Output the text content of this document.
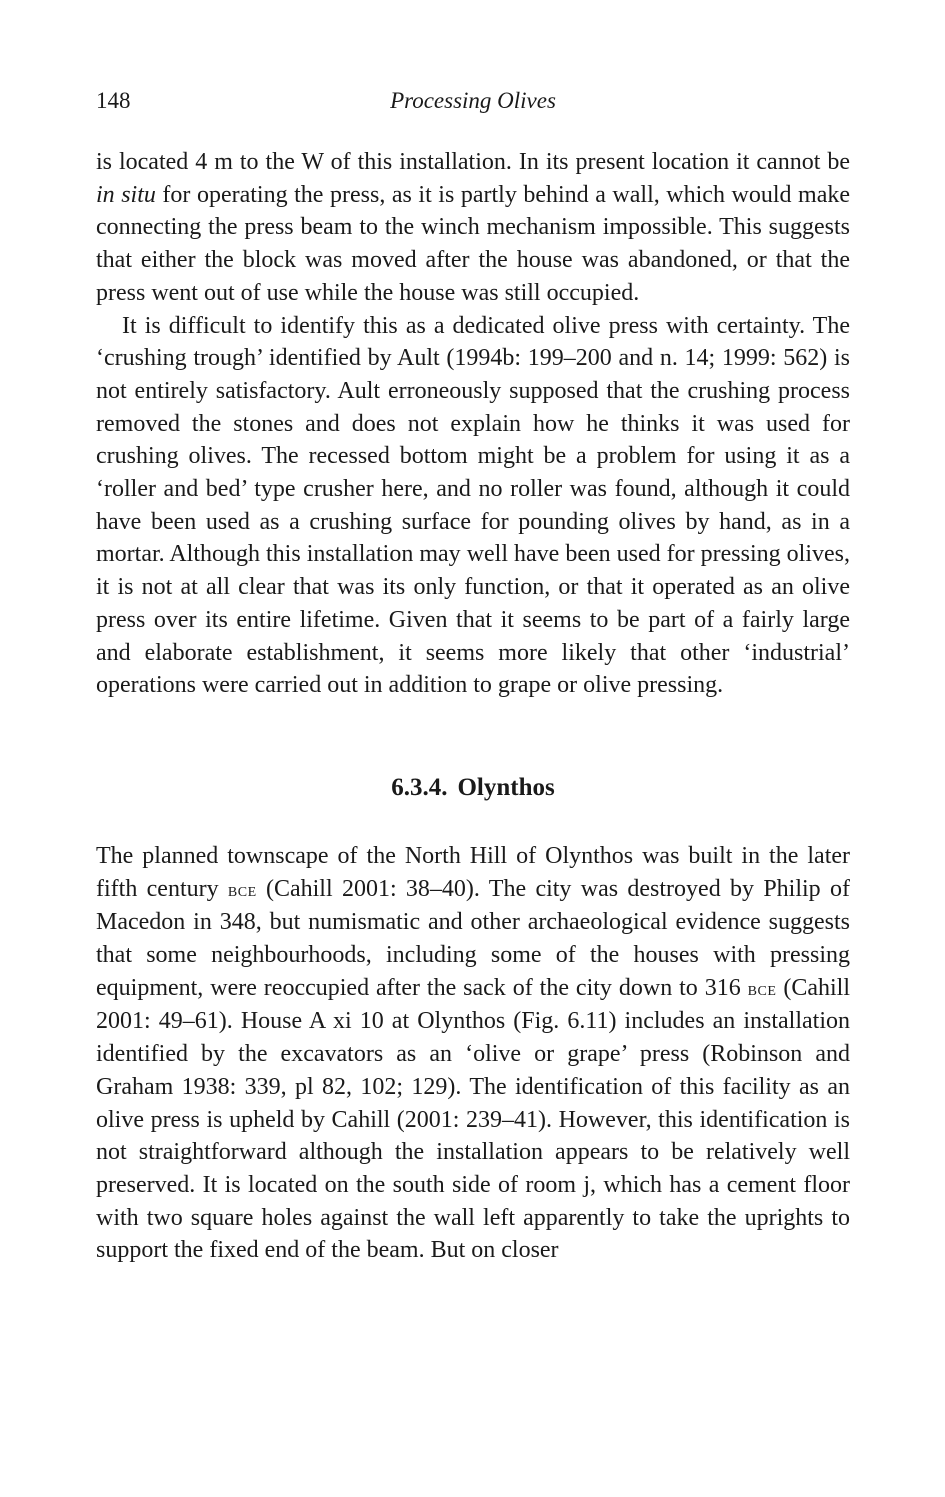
148	Processing Olives

is located 4 m to the W of this installation. In its present location it cannot be in situ for operating the press, as it is partly behind a wall, which would make connecting the press beam to the winch mechanism impossible. This suggests that either the block was moved after the house was abandoned, or that the press went out of use while the house was still occupied.

It is difficult to identify this as a dedicated olive press with certainty. The ‘crushing trough’ identified by Ault (1994b: 199–200 and n. 14; 1999: 562) is not entirely satisfactory. Ault erroneously supposed that the crushing process removed the stones and does not explain how he thinks it was used for crushing olives. The recessed bottom might be a problem for using it as a ‘roller and bed’ type crusher here, and no roller was found, although it could have been used as a crushing surface for pounding olives by hand, as in a mortar. Although this installation may well have been used for pressing olives, it is not at all clear that was its only function, or that it operated as an olive press over its entire lifetime. Given that it seems to be part of a fairly large and elaborate establishment, it seems more likely that other ‘industrial’ operations were carried out in addition to grape or olive pressing.

6.3.4. Olynthos

The planned townscape of the North Hill of Olynthos was built in the later fifth century bce (Cahill 2001: 38–40). The city was destroyed by Philip of Macedon in 348, but numismatic and other archaeological evidence suggests that some neighbourhoods, including some of the houses with pressing equipment, were reoccupied after the sack of the city down to 316 bce (Cahill 2001: 49–61). House A xi 10 at Olynthos (Fig. 6.11) includes an installation identified by the excavators as an ‘olive or grape’ press (Robinson and Graham 1938: 339, pl 82, 102; 129). The identification of this facility as an olive press is upheld by Cahill (2001: 239–41). However, this identification is not straightforward although the installation appears to be relatively well preserved. It is located on the south side of room j, which has a cement floor with two square holes against the wall left apparently to take the uprights to support the fixed end of the beam. But on closer
